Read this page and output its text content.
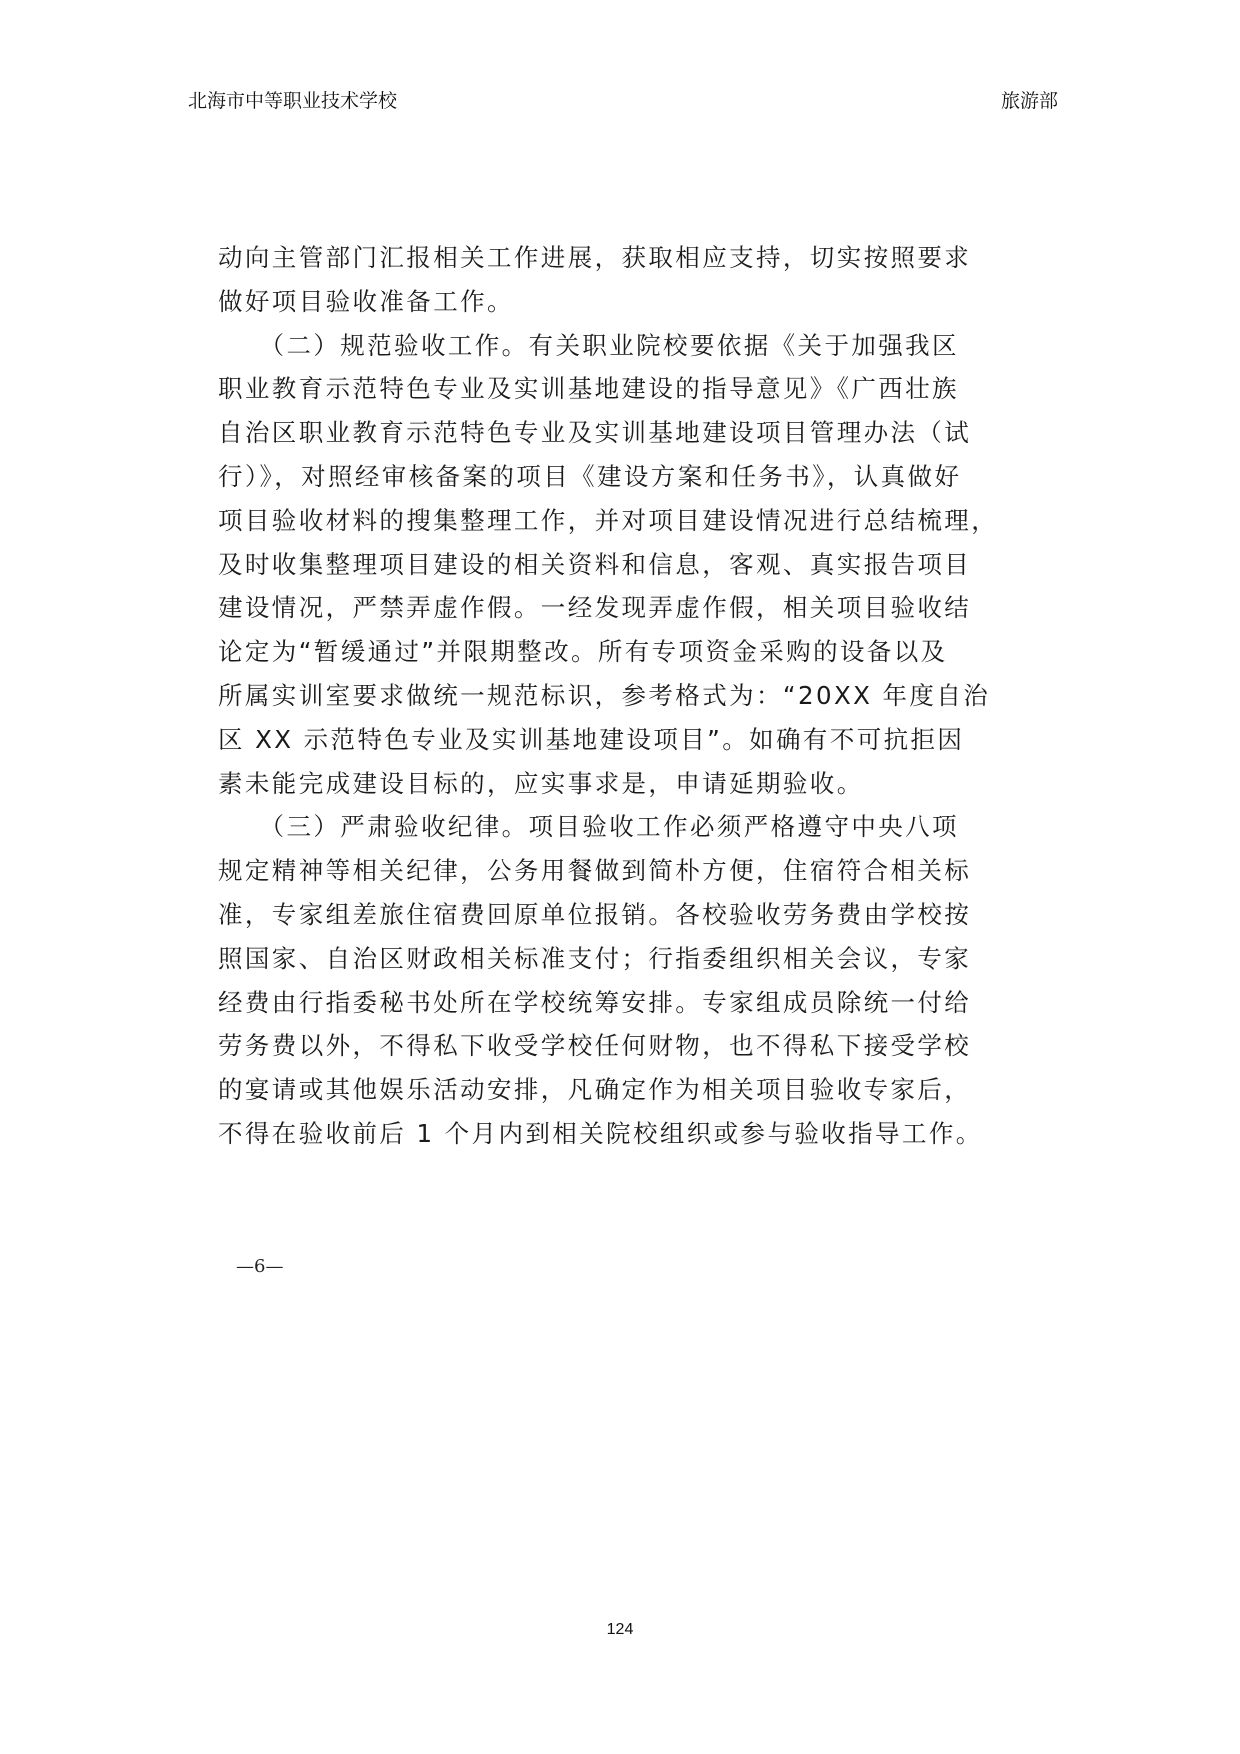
北海市中等职业技术学校	旅游部
动向主管部门汇报相关工作进展，获取相应支持，切实按照要求
做好项目验收准备工作。
　　（二）规范验收工作。有关职业院校要依据《关于加强我区
职业教育示范特色专业及实训基地建设的指导意见》《广西壮族
自治区职业教育示范特色专业及实训基地建设项目管理办法（试
行）》，对照经审核备案的项目《建设方案和任务书》，认真做好
项目验收材料的搜集整理工作，并对项目建设情况进行总结梳理，
及时收集整理项目建设的相关资料和信息，客观、真实报告项目
建设情况，严禁弄虚作假。一经发现弄虚作假，相关项目验收结
论定为“暂缓通过”并限期整改。所有专项资金采购的设备以及
所属实训室要求做统一规范标识，参考格式为：“20XX 年度自治
区 XX 示范特色专业及实训基地建设项目”。如确有不可抗拒因
素未能完成建设目标的，应实事求是，申请延期验收。
　　（三）严肃验收纪律。项目验收工作必须严格遵守中央八项
规定精神等相关纪律，公务用餐做到简朴方便，住宿符合相关标
准，专家组差旅住宿费回原单位报销。各校验收劳务费由学校按
照国家、自治区财政相关标准支付；行指委组织相关会议，专家
经费由行指委秘书处所在学校统筹安排。专家组成员除统一付给
劳务费以外，不得私下收受学校任何财物，也不得私下接受学校
的宴请或其他娱乐活动安排，凡确定作为相关项目验收专家后，
不得在验收前后 1 个月内到相关院校组织或参与验收指导工作。
—6—
124
